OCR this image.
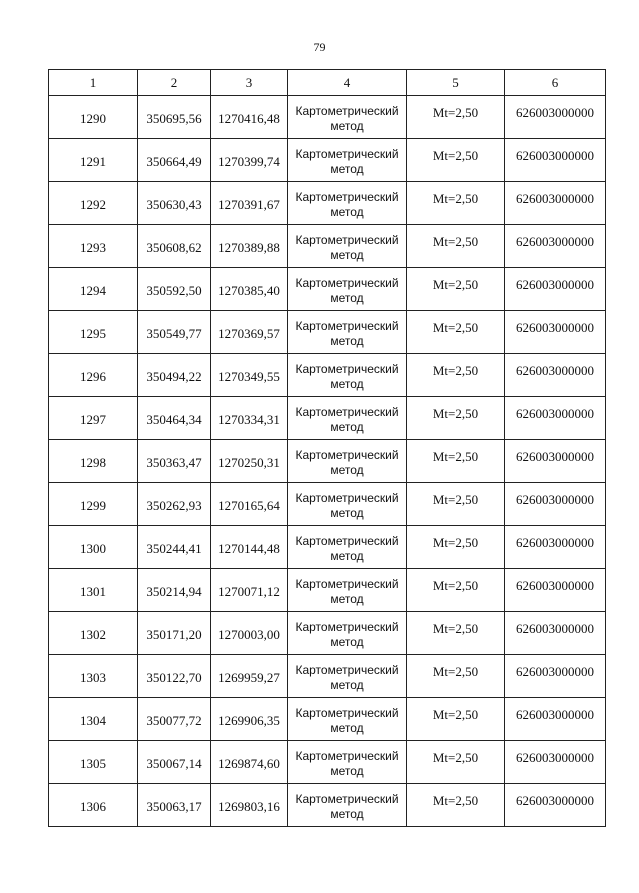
79
1	2	3	4	5	6
1290	350695,56	1270416,48	Картометрический метод	Mt=2,50	626003000000
1291	350664,49	1270399,74	Картометрический метод	Mt=2,50	626003000000
1292	350630,43	1270391,67	Картометрический метод	Mt=2,50	626003000000
1293	350608,62	1270389,88	Картометрический метод	Mt=2,50	626003000000
1294	350592,50	1270385,40	Картометрический метод	Mt=2,50	626003000000
1295	350549,77	1270369,57	Картометрический метод	Mt=2,50	626003000000
1296	350494,22	1270349,55	Картометрический метод	Mt=2,50	626003000000
1297	350464,34	1270334,31	Картометрический метод	Mt=2,50	626003000000
1298	350363,47	1270250,31	Картометрический метод	Mt=2,50	626003000000
1299	350262,93	1270165,64	Картометрический метод	Mt=2,50	626003000000
1300	350244,41	1270144,48	Картометрический метод	Mt=2,50	626003000000
1301	350214,94	1270071,12	Картометрический метод	Mt=2,50	626003000000
1302	350171,20	1270003,00	Картометрический метод	Mt=2,50	626003000000
1303	350122,70	1269959,27	Картометрический метод	Mt=2,50	626003000000
1304	350077,72	1269906,35	Картометрический метод	Mt=2,50	626003000000
1305	350067,14	1269874,60	Картометрический метод	Mt=2,50	626003000000
1306	350063,17	1269803,16	Картометрический метод	Mt=2,50	626003000000
